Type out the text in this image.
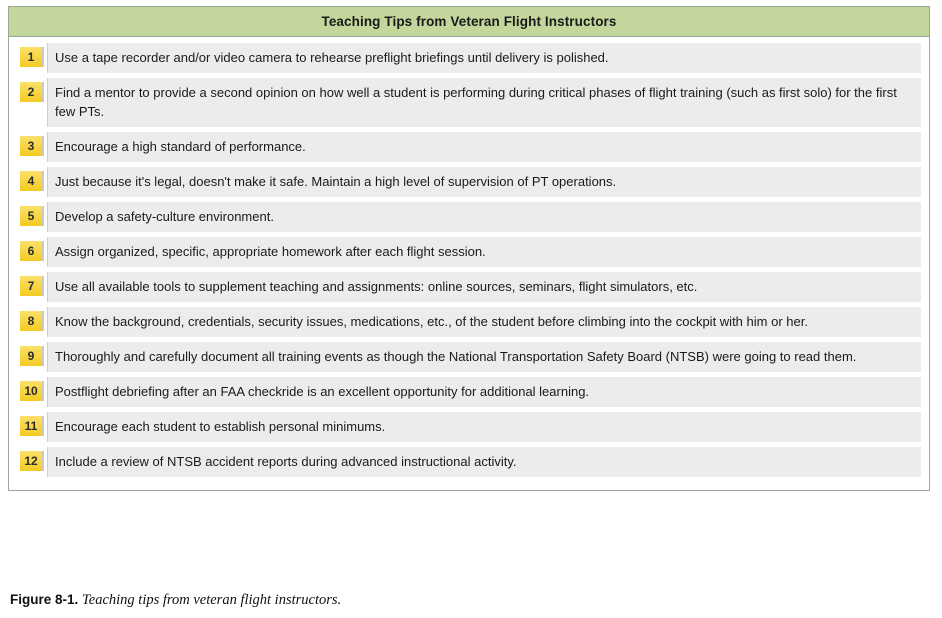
Teaching Tips from Veteran Flight Instructors
1	Use a tape recorder and/or video camera to rehearse preflight briefings until delivery is polished.
2	Find a mentor to provide a second opinion on how well a student is performing during critical phases of flight training (such as first solo) for the first few PTs.
3	Encourage a high standard of performance.
4	Just because it's legal, doesn't make it safe. Maintain a high level of supervision of PT operations.
5	Develop a safety-culture environment.
6	Assign organized, specific, appropriate homework after each flight session.
7	Use all available tools to supplement teaching and assignments: online sources, seminars, flight simulators, etc.
8	Know the background, credentials, security issues, medications, etc., of the student before climbing into the cockpit with him or her.
9	Thoroughly and carefully document all training events as though the National Transportation Safety Board (NTSB) were going to read them.
10	Postflight debriefing after an FAA checkride is an excellent opportunity for additional learning.
11	Encourage each student to establish personal minimums.
12	Include a review of NTSB accident reports during advanced instructional activity.
Figure 8-1. Teaching tips from veteran flight instructors.
